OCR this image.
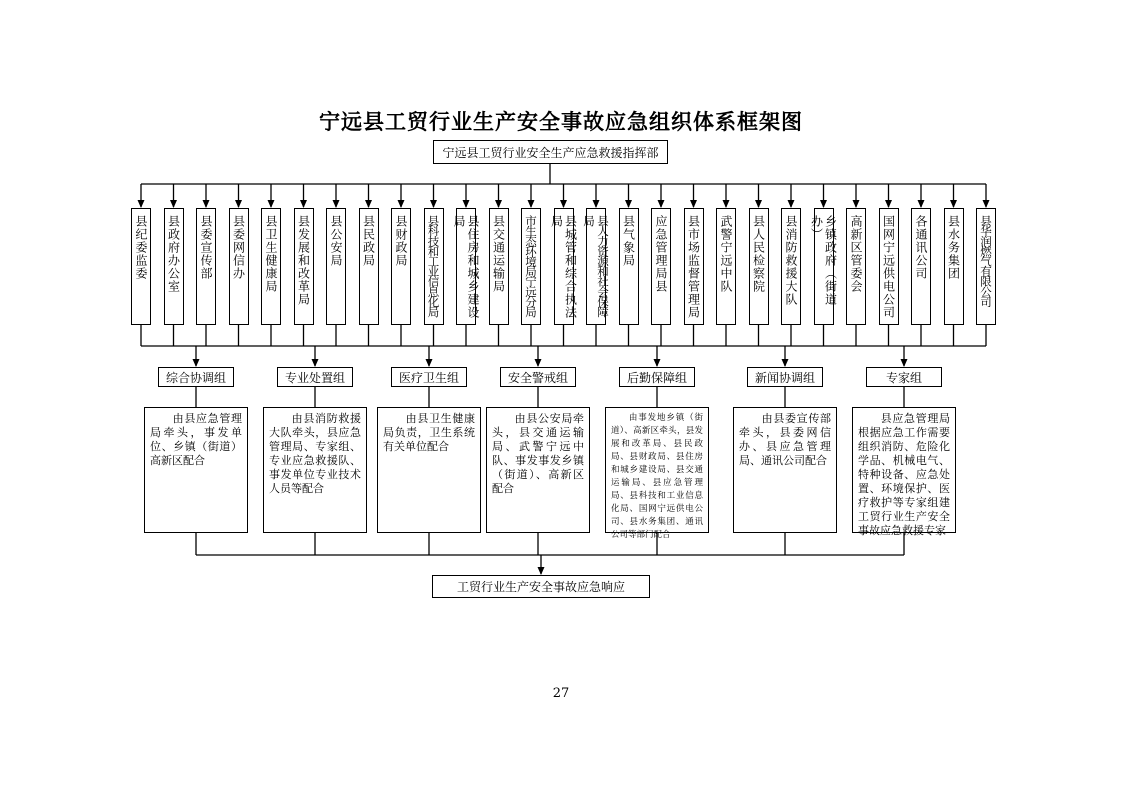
宁远县工贸行业生产安全事故应急组织体系框架图
宁远县工贸行业安全生产应急救援指挥部
县纪委监委 县政府办公室 县委宣传部 县委网信办 县卫生健康局 县发展和改革局 县公安局 县民政局 县财政局 县科技和工业信息化局	县住房和城乡建设局	县交通运输局 市生态环境局宁远分局	县城管和综合执法局	县人力资源和社会保障局	县气象局 应急管理局县 县市场监督管理局 武警宁远中队 县人民检察院 县消防救援大队	乡镇政府（街道办）	高新区管委会 国网宁远供电公司 各通讯公司 县水务集团 县华润燃气有限公司
综合协调组	专业处置组	医疗卫生组	安全警戒组	后勤保障组	新闻协调组	专家组
由县应急管理局牵头，事发单位、乡镇（街道）高新区配合
由县消防救援大队牵头，县应急管理局、专家组、专业应急救援队、事发单位专业技术人员等配合
由县卫生健康局负责，卫生系统有关单位配合
由县公安局牵头，县交通运输局、武警宁远中队、事发事发乡镇（街道）、高新区配合
由事发地乡镇（街道）、高新区牵头，县发展和改革局、县民政局、县财政局、县住房和城乡建设局、县交通运输局、县应急管理局、县科技和工业信息化局、国网宁远供电公司、县水务集团、通讯公司等部门配合
由县委宣传部牵头，县委网信办、县应急管理局、通讯公司配合
县应急管理局根据应急工作需要组织消防、危险化学品、机械电气、特种设备、应急处置、环境保护、医疗救护等专家组建工贸行业生产安全事故应急救援专家
工贸行业生产安全事故应急响应
27
